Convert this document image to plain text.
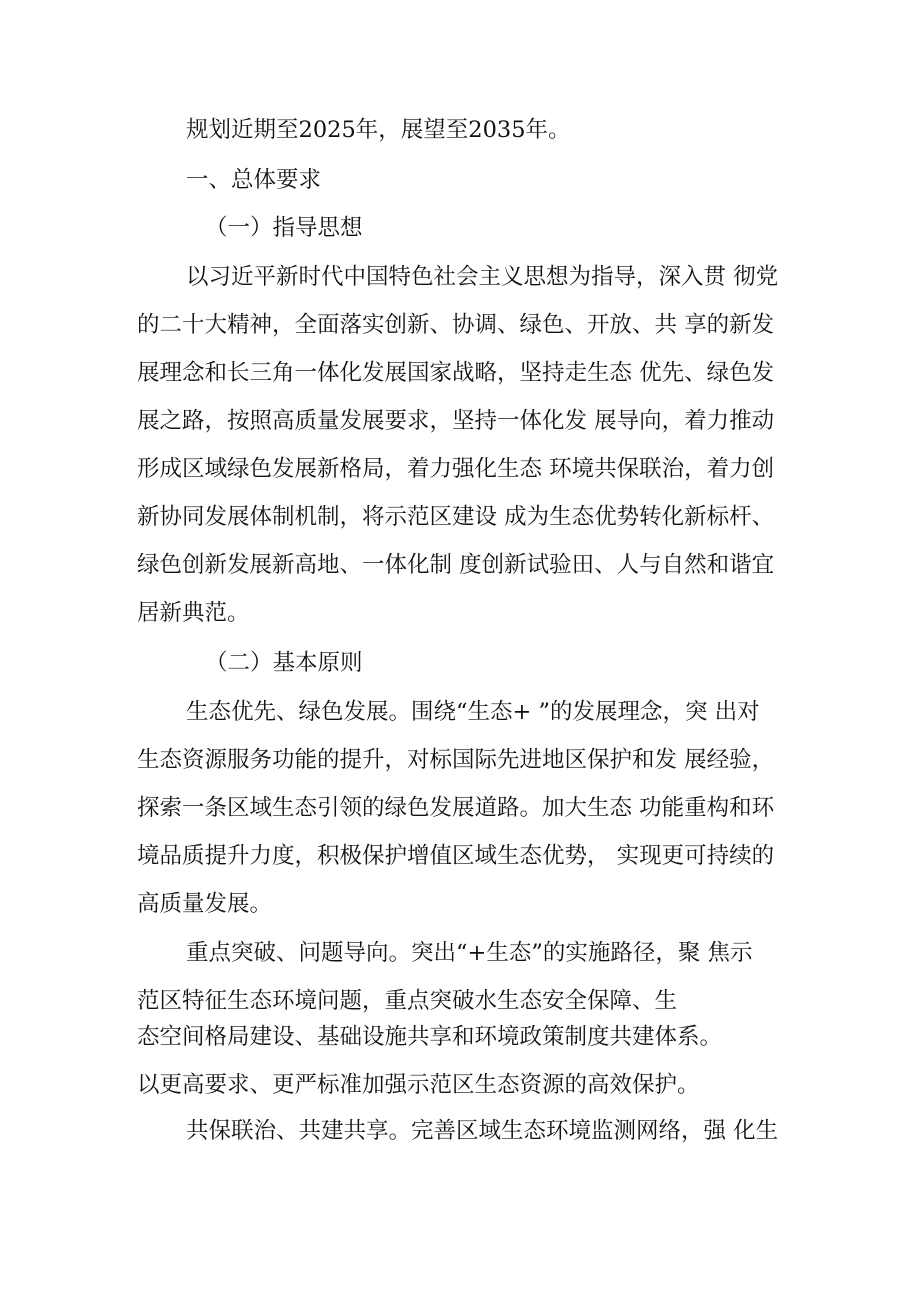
规划近期至2025年，展望至2035年。
一、总体要求
（一）指导思想
以习近平新时代中国特色社会主义思想为指导，深入贯 彻党
的二十大精神，全面落实创新、协调、绿色、开放、共 享的新发
展理念和长三角一体化发展国家战略，坚持走生态 优先、绿色发
展之路，按照高质量发展要求，坚持一体化发 展导向，着力推动
形成区域绿色发展新格局，着力强化生态 环境共保联治，着力创
新协同发展体制机制，将示范区建设 成为生态优势转化新标杆、
绿色创新发展新高地、一体化制 度创新试验田、人与自然和谐宜
居新典范。
（二）基本原则
生态优先、绿色发展。围绕“生态+ ”的发展理念，突 出对
生态资源服务功能的提升，对标国际先进地区保护和发 展经验，
探索一条区域生态引领的绿色发展道路。加大生态 功能重构和环
境品质提升力度，积极保护增值区域生态优势， 实现更可持续的
高质量发展。
重点突破、问题导向。突出“+生态”的实施路径，聚 焦示
范区特征生态环境问题，重点突破水生态安全保障、生
态空间格局建设、基础设施共享和环境政策制度共建体系。
以更高要求、更严标准加强示范区生态资源的高效保护。
共保联治、共建共享。完善区域生态环境监测网络，强 化生
